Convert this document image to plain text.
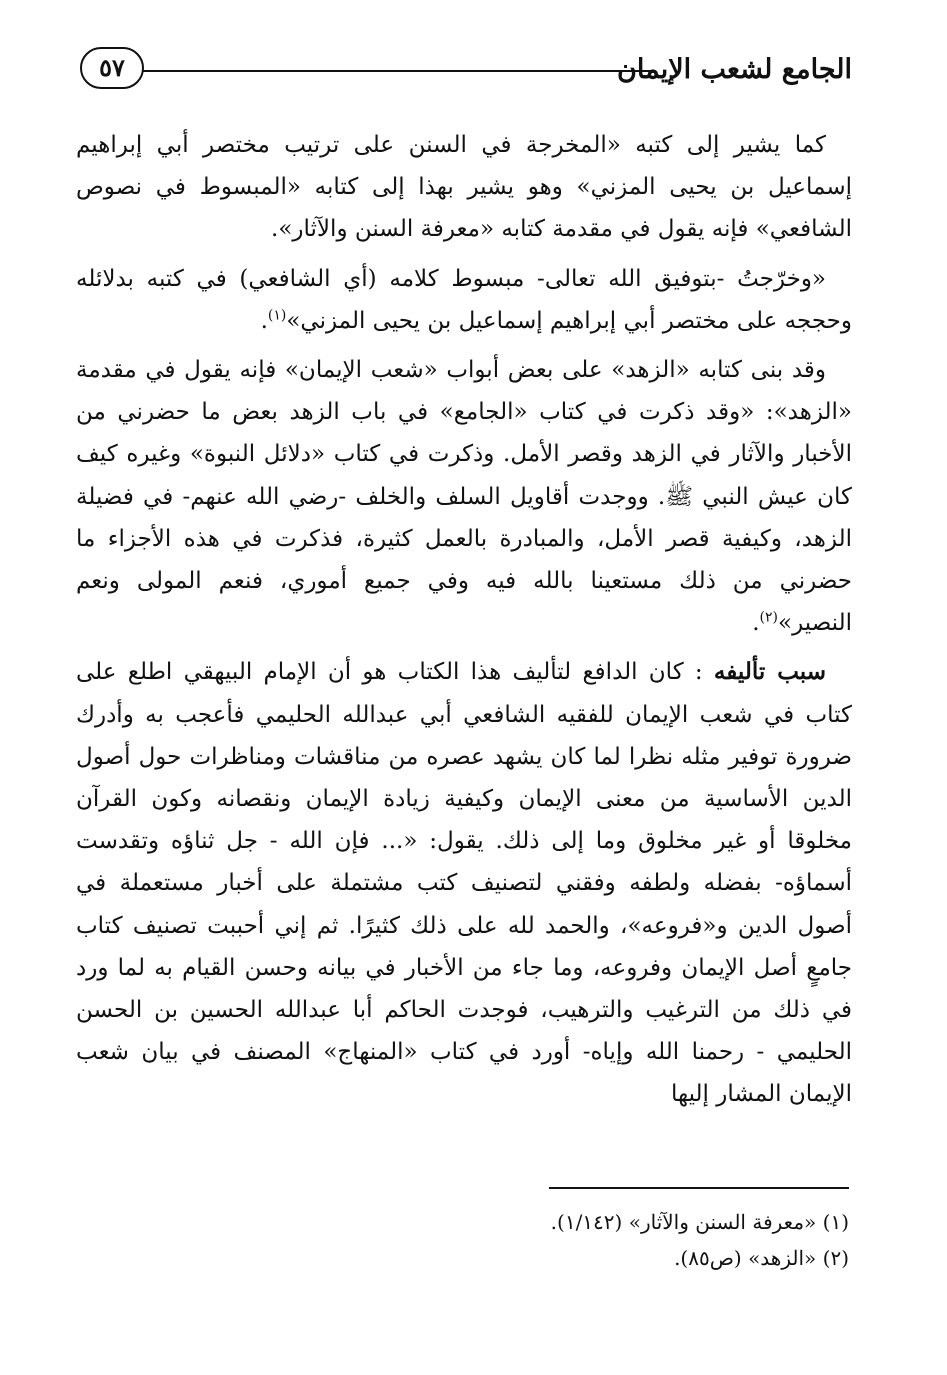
الجامع لشعب الإيمان
٥٧

كما يشير إلى كتبه «المخرجة في السنن على ترتيب مختصر أبي إبراهيم إسماعيل بن يحيى المزني» وهو يشير بهذا إلى كتابه «المبسوط في نصوص الشافعي» فإنه يقول في مقدمة كتابه «معرفة السنن والآثار».

«وخرّجتُ -بتوفيق الله تعالى- مبسوط كلامه (أي الشافعي) في كتبه بدلائله وحججه على مختصر أبي إبراهيم إسماعيل بن يحيى المزني»$^{(١)}$.

وقد بنى كتابه «الزهد» على بعض أبواب «شعب الإيمان» فإنه يقول في مقدمة «الزهد»: «وقد ذكرت في كتاب «الجامع» في باب الزهد بعض ما حضرني من الأخبار والآثار في الزهد وقصر الأمل. وذكرت في كتاب «دلائل النبوة» وغيره كيف كان عيش النبي ﷺ. ووجدت أقاويل السلف والخلف -رضي الله عنهم- في فضيلة الزهد، وكيفية قصر الأمل، والمبادرة بالعمل كثيرة، فذكرت في هذه الأجزاء ما حضرني من ذلك مستعينا بالله فيه وفي جميع أموري، فنعم المولى ونعم النصير»$^{(٢)}$.

سبب تأليفه : كان الدافع لتأليف هذا الكتاب هو أن الإمام البيهقي اطلع على كتاب في شعب الإيمان للفقيه الشافعي أبي عبدالله الحليمي فأعجب به وأدرك ضرورة توفير مثله نظرا لما كان يشهد عصره من مناقشات ومناظرات حول أصول الدين الأساسية من معنى الإيمان وكيفية زيادة الإيمان ونقصانه وكون القرآن مخلوقا أو غير مخلوق وما إلى ذلك. يقول: «... فإن الله - جل ثناؤه وتقدست أسماؤه- بفضله ولطفه وفقني لتصنيف كتب مشتملة على أخبار مستعملة في أصول الدين و«فروعه»، والحمد لله على ذلك كثيرًا. ثم إني أحببت تصنيف كتاب جامعٍ أصل الإيمان وفروعه، وما جاء من الأخبار في بيانه وحسن القيام به لما ورد في ذلك من الترغيب والترهيب، فوجدت الحاكم أبا عبدالله الحسين بن الحسن الحليمي - رحمنا الله وإياه- أورد في كتاب «المنهاج» المصنف في بيان شعب الإيمان المشار إليها

(١) «معرفة السنن والآثار» (١/١٤٢).

(٢) «الزهد» (ص٨٥).
